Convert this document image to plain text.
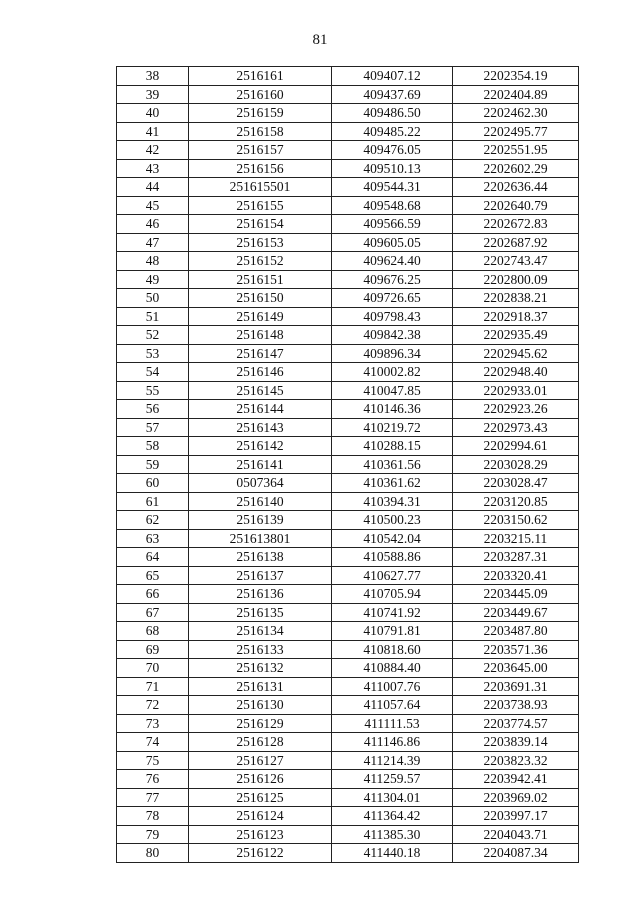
81
38	2516161	409407.12	2202354.19
39	2516160	409437.69	2202404.89
40	2516159	409486.50	2202462.30
41	2516158	409485.22	2202495.77
42	2516157	409476.05	2202551.95
43	2516156	409510.13	2202602.29
44	251615501	409544.31	2202636.44
45	2516155	409548.68	2202640.79
46	2516154	409566.59	2202672.83
47	2516153	409605.05	2202687.92
48	2516152	409624.40	2202743.47
49	2516151	409676.25	2202800.09
50	2516150	409726.65	2202838.21
51	2516149	409798.43	2202918.37
52	2516148	409842.38	2202935.49
53	2516147	409896.34	2202945.62
54	2516146	410002.82	2202948.40
55	2516145	410047.85	2202933.01
56	2516144	410146.36	2202923.26
57	2516143	410219.72	2202973.43
58	2516142	410288.15	2202994.61
59	2516141	410361.56	2203028.29
60	0507364	410361.62	2203028.47
61	2516140	410394.31	2203120.85
62	2516139	410500.23	2203150.62
63	251613801	410542.04	2203215.11
64	2516138	410588.86	2203287.31
65	2516137	410627.77	2203320.41
66	2516136	410705.94	2203445.09
67	2516135	410741.92	2203449.67
68	2516134	410791.81	2203487.80
69	2516133	410818.60	2203571.36
70	2516132	410884.40	2203645.00
71	2516131	411007.76	2203691.31
72	2516130	411057.64	2203738.93
73	2516129	411111.53	2203774.57
74	2516128	411146.86	2203839.14
75	2516127	411214.39	2203823.32
76	2516126	411259.57	2203942.41
77	2516125	411304.01	2203969.02
78	2516124	411364.42	2203997.17
79	2516123	411385.30	2204043.71
80	2516122	411440.18	2204087.34
